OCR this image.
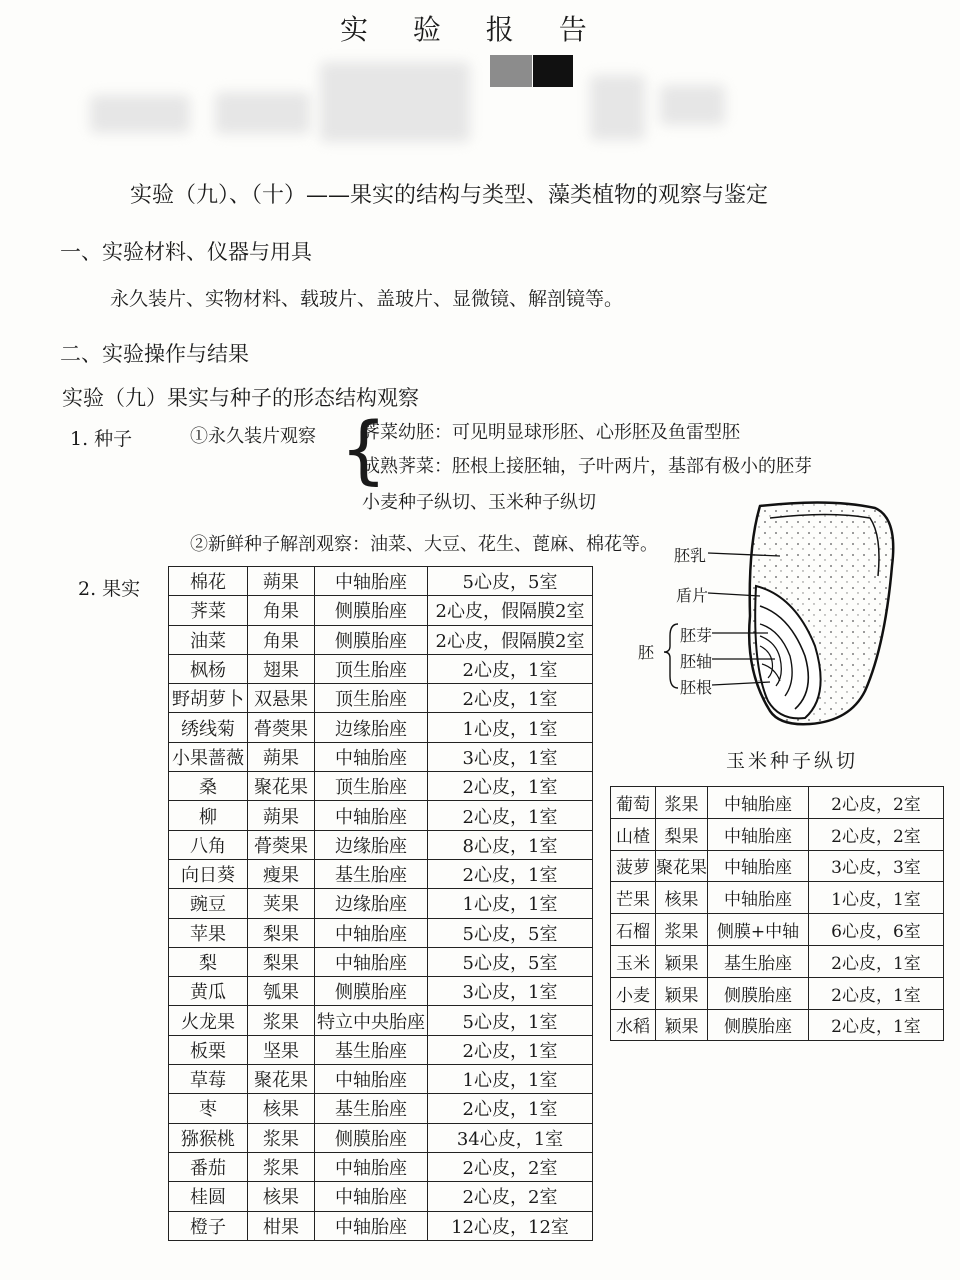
实 验 报 告
实验（九）、（十）——果实的结构与类型、藻类植物的观察与鉴定
一、实验材料、仪器与用具
永久装片、实物材料、载玻片、盖玻片、显微镜、解剖镜等。
二、实验操作与结果
实验（九）果实与种子的形态结构观察
1. 种子	①永久装片观察 {
荠菜幼胚：可见明显球形胚、心形胚及鱼雷型胚
成熟荠菜：胚根上接胚轴，子叶两片，基部有极小的胚芽
小麦种子纵切、玉米种子纵切
②新鲜种子解剖观察：油菜、大豆、花生、蓖麻、棉花等。
2. 果实	棉花	蒴果	中轴胎座	5心皮，5室
荠菜	角果	侧膜胎座	2心皮，假隔膜2室
油菜	角果	侧膜胎座	2心皮，假隔膜2室
枫杨	翅果	顶生胎座	2心皮，1室
野胡萝卜	双悬果	顶生胎座	2心皮，1室
绣线菊	蓇葖果	边缘胎座	1心皮，1室
小果蔷薇	蒴果	中轴胎座	3心皮，1室
桑	聚花果	顶生胎座	2心皮，1室
柳	蒴果	中轴胎座	2心皮，1室
八角	蓇葖果	边缘胎座	8心皮，1室
向日葵	瘦果	基生胎座	2心皮，1室
豌豆	荚果	边缘胎座	1心皮，1室
苹果	梨果	中轴胎座	5心皮，5室
梨	梨果	中轴胎座	5心皮，5室
黄瓜	瓠果	侧膜胎座	3心皮，1室
火龙果	浆果	特立中央胎座	5心皮，1室
板栗	坚果	基生胎座	2心皮，1室
草莓	聚花果	中轴胎座	1心皮，1室
枣	核果	基生胎座	2心皮，1室
猕猴桃	浆果	侧膜胎座	34心皮，1室
番茄	浆果	中轴胎座	2心皮，2室
桂圆	核果	中轴胎座	2心皮，2室
橙子	柑果	中轴胎座	12心皮，12室
葡萄	浆果	中轴胎座	2心皮，2室
山楂	梨果	中轴胎座	2心皮，2室
菠萝	聚花果	中轴胎座	3心皮，3室
芒果	核果	中轴胎座	1心皮，1室
石榴	浆果	侧膜+中轴	6心皮，6室
玉米	颖果	基生胎座	2心皮，1室
小麦	颖果	侧膜胎座	2心皮，1室
水稻	颖果	侧膜胎座	2心皮，1室
胚乳
盾片
胚
胚芽
胚轴
胚根
玉米种子纵切
